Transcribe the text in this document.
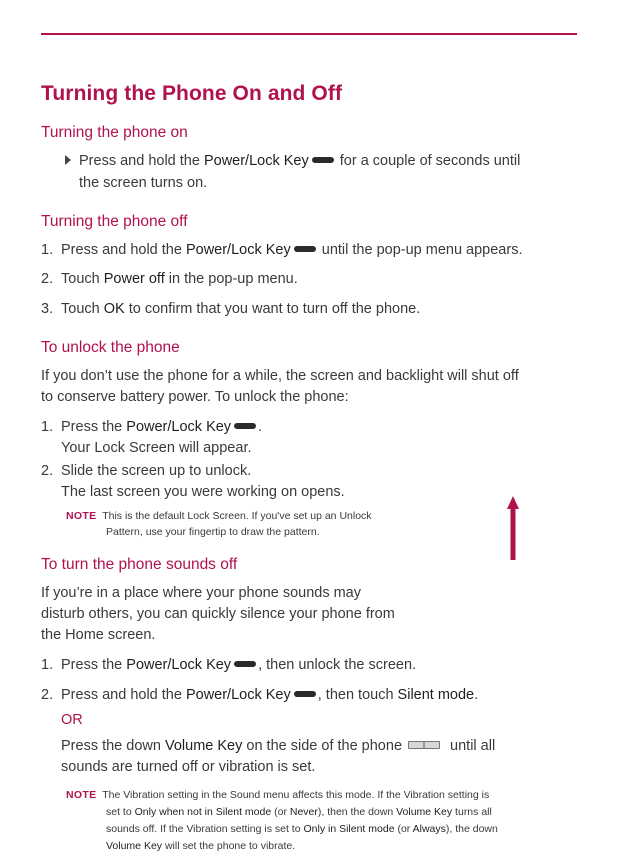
Turning the Phone On and Off
Turning the phone on

Press and hold the Power/Lock Key for a couple of seconds until

the screen turns on.

Turning the phone off

1. Press and hold the Power/Lock Key until the pop-up menu appears.

2. Touch Power off in the pop-up menu.

3. Touch OK to confirm that you want to turn off the phone.

To unlock the phone

If you don’t use the phone for a while, the screen and backlight will shut off

to conserve battery power. To unlock the phone:

1. Press the Power/Lock Key .

Your Lock Screen will appear.

2. Slide the screen up to unlock.

The last screen you were working on opens.

NOTE This is the default Lock Screen. If you've set up an Unlock

Pattern, use your fingertip to draw the pattern.

To turn the phone sounds off

If you’re in a place where your phone sounds may

disturb others, you can quickly silence your phone from

the Home screen.

1. Press the Power/Lock Key , then unlock the screen.

2. Press and hold the Power/Lock Key , then touch Silent mode.

OR

Press the down Volume Key on the side of the phone	until all

sounds are turned off or vibration is set.

NOTE The Vibration setting in the Sound menu affects this mode. If the Vibration setting is

set to Only when not in Silent mode (or Never), then the down Volume Key turns all

sounds off. If the Vibration setting is set to Only in Silent mode (or Always), the down

Volume Key will set the phone to vibrate.
